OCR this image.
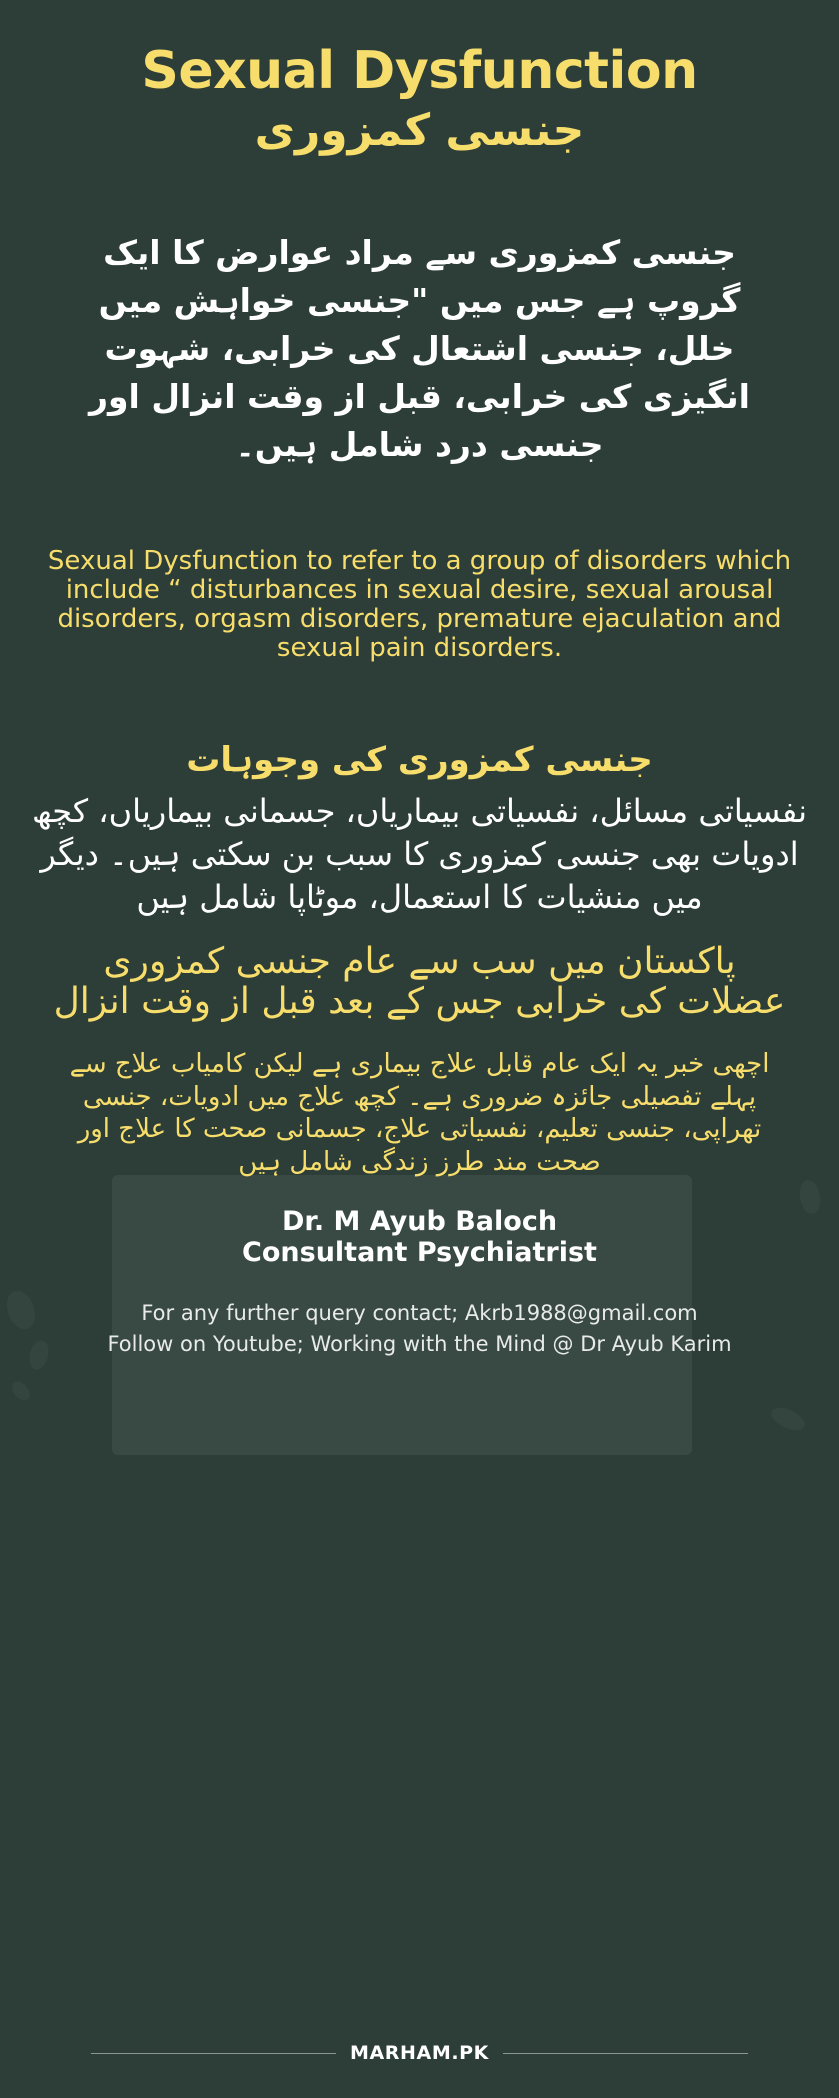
Sexual Dysfunction
جنسی کمزوری
جنسی کمزوری سے مراد عوارض کا ایک گروپ ہے جس میں "جنسی خواہش میں خلل، جنسی اشتعال کی خرابی، شہوت انگیزی کی خرابی، قبل از وقت انزال اور جنسی درد شامل ہیں۔
Sexual Dysfunction to refer to a group of disorders which include “ disturbances in sexual desire, sexual arousal disorders, orgasm disorders, premature ejaculation and sexual pain disorders.
جنسی کمزوری کی وجوہات
نفسیاتی مسائل، نفسیاتی بیماریاں، جسمانی بیماریاں، کچھ ادویات بھی جنسی کمزوری کا سبب بن سکتی ہیں۔ دیگر میں منشیات کا استعمال، موٹاپا شامل ہیں
پاکستان میں سب سے عام جنسی کمزوری عضلات کی خرابی جس کے بعد قبل از وقت انزال
اچھی خبر یہ ایک عام قابل علاج بیماری ہے لیکن کامیاب علاج سے پہلے تفصیلی جائزہ ضروری ہے۔ کچھ علاج میں ادویات، جنسی تھراپی، جنسی تعلیم، نفسیاتی علاج، جسمانی صحت کا علاج اور صحت مند طرز زندگی شامل ہیں
Dr. M Ayub Baloch
Consultant Psychiatrist
For any further query contact; Akrb1988@gmail.com
Follow on Youtube; Working with the Mind @ Dr Ayub Karim
MARHAM.PK
